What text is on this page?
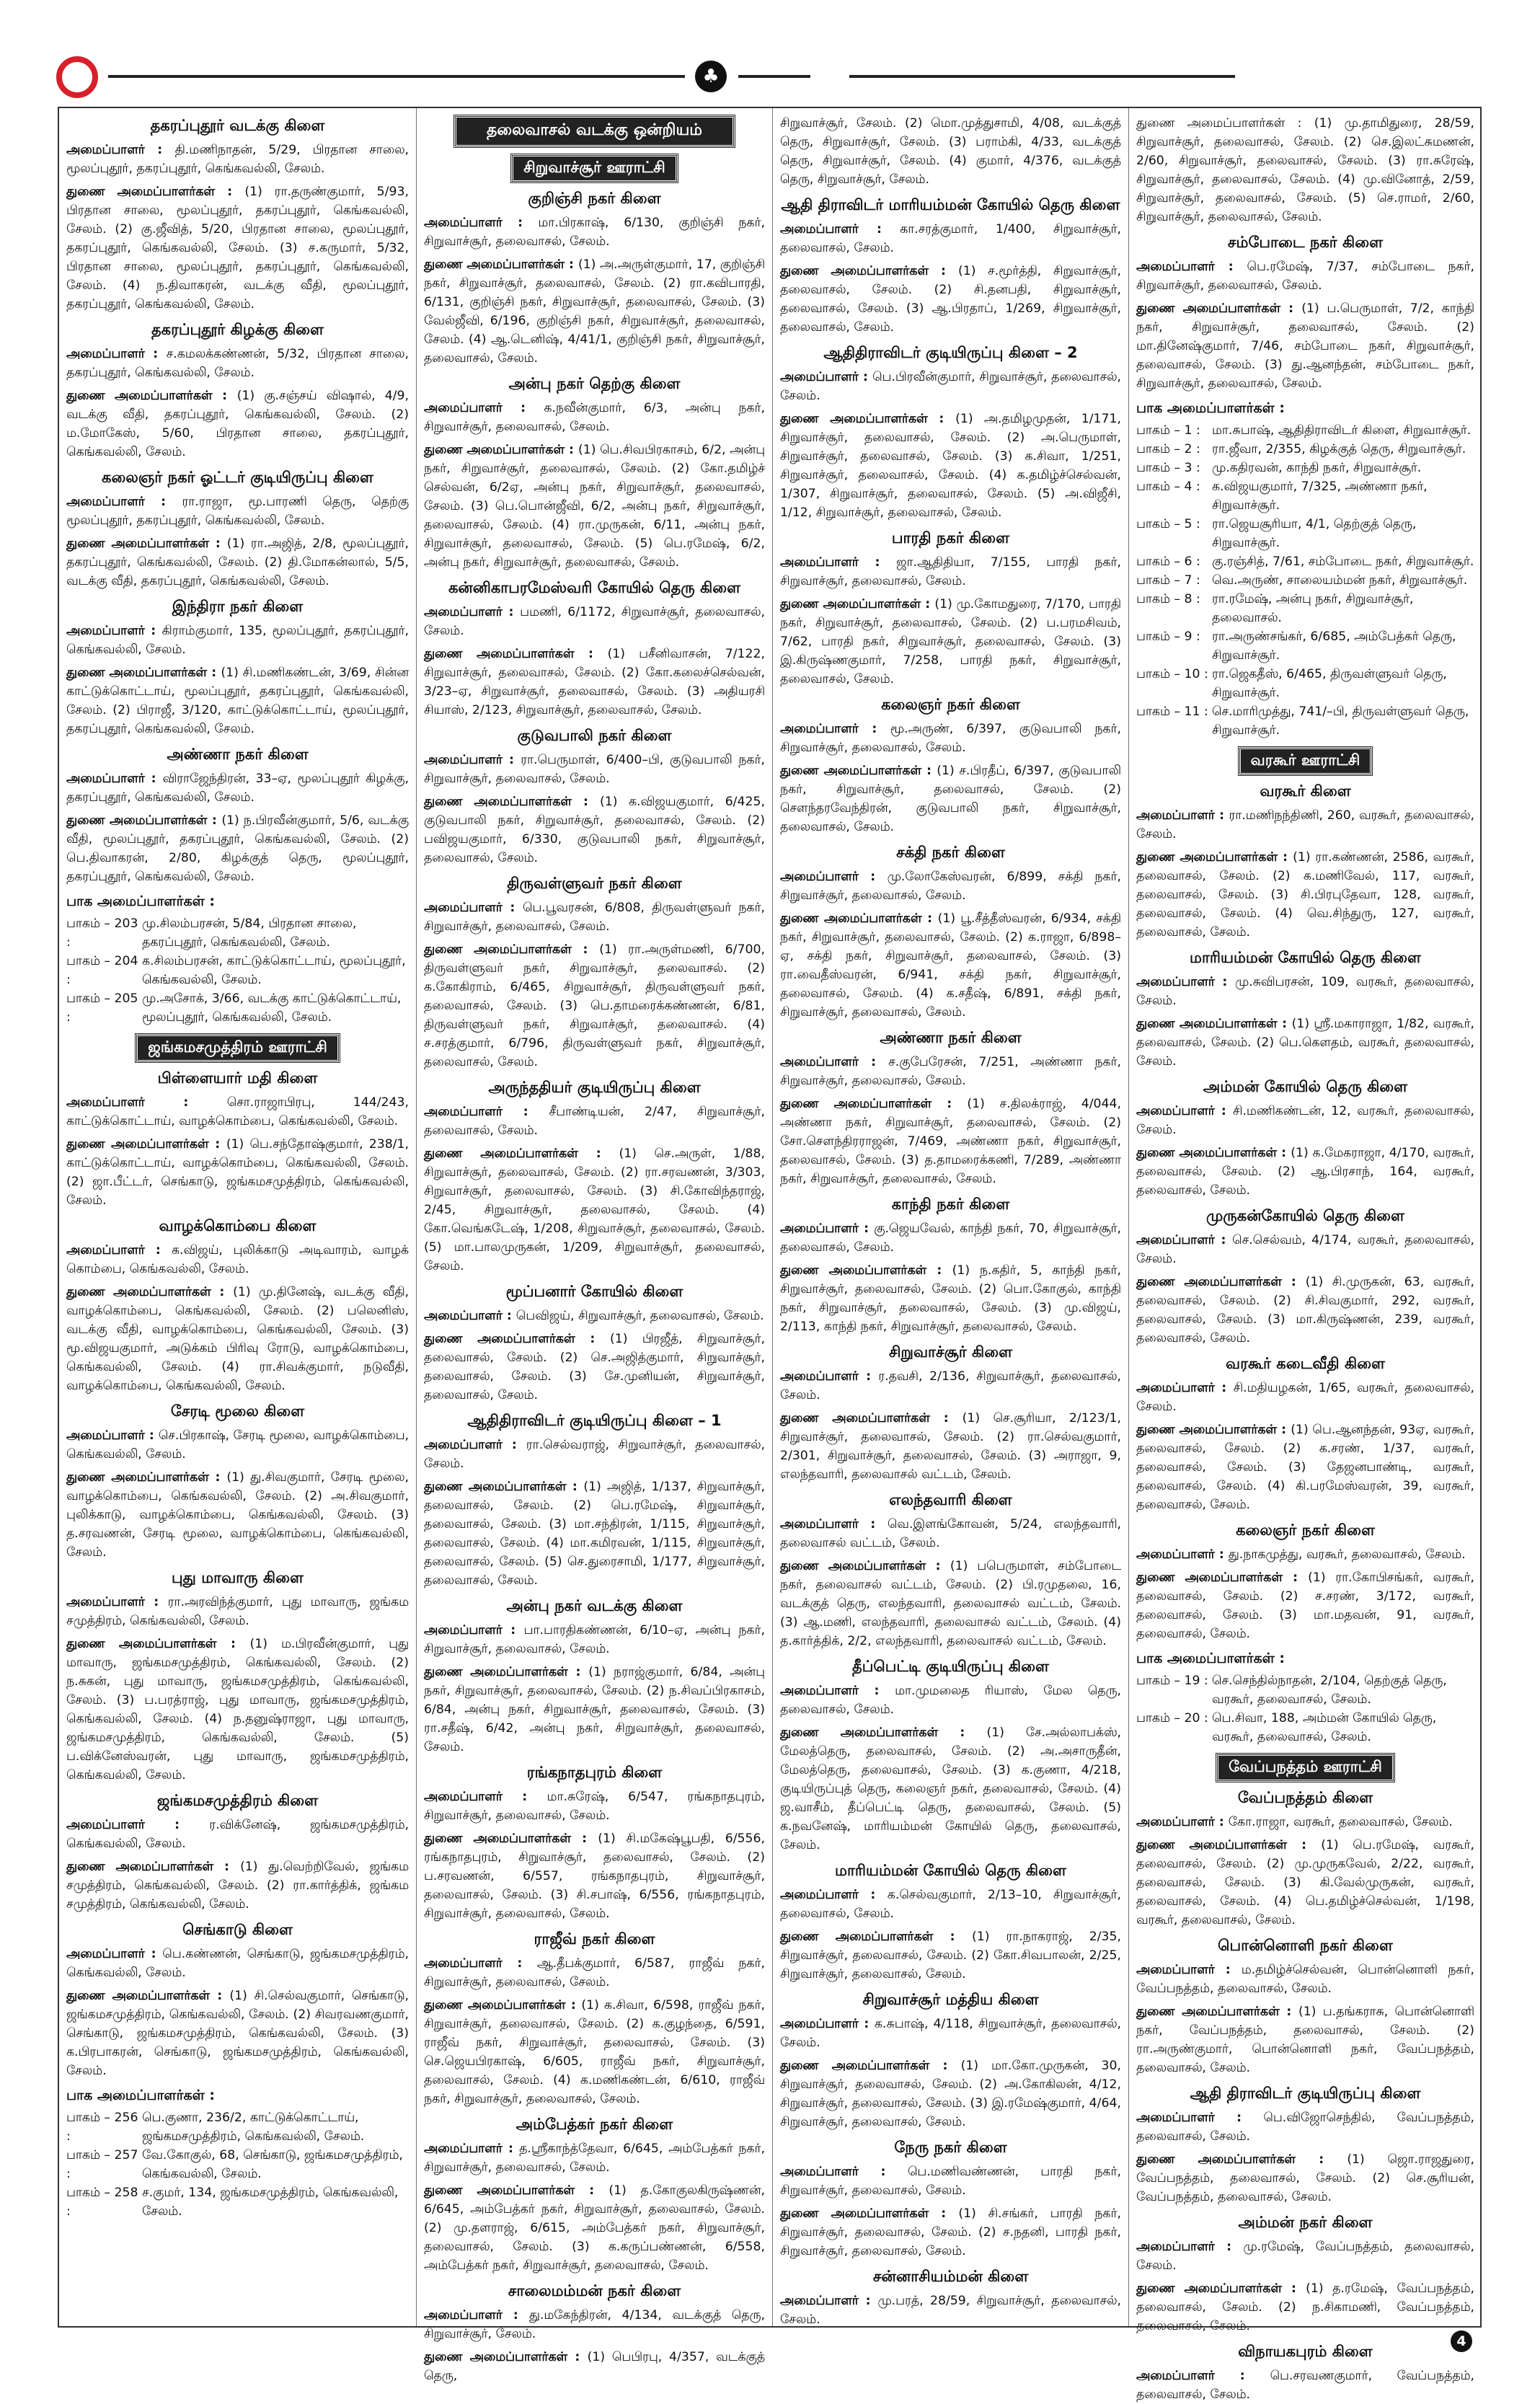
♣
தகரப்புதூர் வடக்கு கிளை

அமைப்பாளர் : தி.மணிநாதன், 5/29, பிரதான சாலை, மூலப்புதூர், தகரப்புதூர், கெங்கவல்லி, சேலம்.

துணை அமைப்பாளர்கள் : (1) ரா.தருண்குமார், 5/93, பிரதான சாலை, மூலப்புதூர், தகரப்புதூர், கெங்கவல்லி, சேலம். (2) கு.ஜீவித், 5/20, பிரதான சாலை, மூலப்புதூர், தகரப்புதூர், கெங்கவல்லி, சேலம். (3) ச.கருமார், 5/32, பிரதான சாலை, மூலப்புதூர், தகரப்புதூர், கெங்கவல்லி, சேலம். (4) ந.திவாகரன், வடக்கு வீதி, மூலப்புதூர், தகரப்புதூர், கெங்கவல்லி, சேலம்.

தகரப்புதூர் கிழக்கு கிளை

அமைப்பாளர் : ச.கமலக்கண்ணன், 5/32, பிரதான சாலை, தகரப்புதூர், கெங்கவல்லி, சேலம்.

துணை அமைப்பாளர்கள் : (1) கு.சஞ்சய் விஷால், 4/9, வடக்கு வீதி, தகரப்புதூர், கெங்கவல்லி, சேலம். (2) ம.மோகேஸ், 5/60, பிரதான சாலை, தகரப்புதூர், கெங்கவல்லி, சேலம்.

கலைஞர் நகர் ஓட்டர் குடியிருப்பு கிளை

அமைப்பாளர் : ரா.ராஜா, மூ.பாரணி தெரு, தெற்கு மூலப்புதூர், தகரப்புதூர், கெங்கவல்லி, சேலம்.

துணை அமைப்பாளர்கள் : (1) ரா.அஜித், 2/8, மூலப்புதூர், தகரப்புதூர், கெங்கவல்லி, சேலம். (2) தி.மோகன்லால், 5/5, வடக்கு வீதி, தகரப்புதூர், கெங்கவல்லி, சேலம்.

இந்திரா நகர் கிளை

அமைப்பாளர் : கிராம்குமார், 135, மூலப்புதூர், தகரப்புதூர், கெங்கவல்லி, சேலம்.

துணை அமைப்பாளர்கள் : (1) சி.மணிகண்டன், 3/69, சின்ன காட்டுக்கொட்டாய், மூலப்புதூர், தகரப்புதூர், கெங்கவல்லி, சேலம். (2) பிராஜீ, 3/120, காட்டுக்கொட்டாய், மூலப்புதூர், தகரப்புதூர், கெங்கவல்லி, சேலம்.

அண்ணா நகர் கிளை

அமைப்பாளர் : விராஜேந்திரன், 33–ஏ, மூலப்புதூர் கிழக்கு, தகரப்புதூர், கெங்கவல்லி, சேலம்.

துணை அமைப்பாளர்கள் : (1) ந.பிரவீன்குமார், 5/6, வடக்கு வீதி, மூலப்புதூர், தகரப்புதூர், கெங்கவல்லி, சேலம். (2) பெ.திவாகரன், 2/80, கிழக்குத் தெரு, மூலப்புதூர், தகரப்புதூர், கெங்கவல்லி, சேலம்.

பாக அமைப்பாளர்கள் :
பாகம் – 203 :
மு.சிலம்பரசன், 5/84, பிரதான சாலை, தகரப்புதூர், கெங்கவல்லி, சேலம்.
பாகம் – 204 :
க.சிலம்பரசன், காட்டுக்கொட்டாய், மூலப்புதூர், கெங்கவல்லி, சேலம்.
பாகம் – 205 :
மு.அசோக், 3/66, வடக்கு காட்டுக்கொட்டாய், மூலப்புதூர், கெங்கவல்லி, சேலம்.
ஜங்கமசமுத்திரம் ஊராட்சி
பிள்ளையார் மதி கிளை

அமைப்பாளர் : சொ.ராஜாபிரபு, 144/243, காட்டுக்கொட்டாய், வாழக்கொம்பை, கெங்கவல்லி, சேலம்.

துணை அமைப்பாளர்கள் : (1) பெ.சந்தோஷ்குமார், 238/1, காட்டுக்கொட்டாய், வாழக்கொம்பை, கெங்கவல்லி, சேலம். (2) ஜா.பீட்டர், செங்காடு, ஜங்கமசமுத்திரம், கெங்கவல்லி, சேலம்.

வாழக்கொம்பை கிளை

அமைப்பாளர் : க.விஜய், புலிக்காடு அடிவாரம், வாழக் கொம்பை, கெங்கவல்லி, சேலம்.

துணை அமைப்பாளர்கள் : (1) மு.தினேஷ், வடக்கு வீதி, வாழக்கொம்பை, கெங்கவல்லி, சேலம். (2) பலெனிஸ், வடக்கு வீதி, வாழக்கொம்பை, கெங்கவல்லி, சேலம். (3) மூ.விஜயகுமார், அடுக்கம் பிரிவு ரோடு, வாழக்கொம்பை, கெங்கவல்லி, சேலம். (4) ரா.சிவக்குமார், நடுவீதி, வாழக்கொம்பை, கெங்கவல்லி, சேலம்.

சேரடி மூலை கிளை

அமைப்பாளர் : செ.பிரகாஷ், சேரடி மூலை, வாழக்கொம்பை, கெங்கவல்லி, சேலம்.

துணை அமைப்பாளர்கள் : (1) து.சிவகுமார், சேரடி மூலை, வாழக்கொம்பை, கெங்கவல்லி, சேலம். (2) அ.சிவகுமார், புலிக்காடு, வாழக்கொம்பை, கெங்கவல்லி, சேலம். (3) த.சரவணன், சேரடி மூலை, வாழக்கொம்பை, கெங்கவல்லி, சேலம்.

புது மாவாரு கிளை

அமைப்பாளர் : ரா.அரவிந்த்குமார், புது மாவாரு, ஜங்கம சமுத்திரம், கெங்கவல்லி, சேலம்.

துணை அமைப்பாளர்கள் : (1) ம.பிரவீன்குமார், புது மாவாரு, ஜங்கமசமுத்திரம், கெங்கவல்லி, சேலம். (2) ந.சுகன், புது மாவாரு, ஜங்கமசமுத்திரம், கெங்கவல்லி, சேலம். (3) ப.பரத்ராஜ், புது மாவாரு, ஜங்கமசமுத்திரம், கெங்கவல்லி, சேலம். (4) ந.தனுஷ்ராஜா, புது மாவாரு, ஜங்கமசமுத்திரம், கெங்கவல்லி, சேலம். (5) ப.விக்னேஸ்வரன், புது மாவாரு, ஜங்கமசமுத்திரம், கெங்கவல்லி, சேலம்.

ஜங்கமசமுத்திரம் கிளை

அமைப்பாளர் : ர.விக்னேஷ், ஜங்கமசமுத்திரம், கெங்கவல்லி, சேலம்.

துணை அமைப்பாளர்கள் : (1) து.வெற்றிவேல், ஜங்கம சமுத்திரம், கெங்கவல்லி, சேலம். (2) ரா.கார்த்திக், ஜங்கம சமுத்திரம், கெங்கவல்லி, சேலம்.

செங்காடு கிளை

அமைப்பாளர் : பெ.கண்ணன், செங்காடு, ஜங்கமசமுத்திரம், கெங்கவல்லி, சேலம்.

துணை அமைப்பாளர்கள் : (1) சி.செல்வகுமார், செங்காடு, ஜங்கமசமுத்திரம், கெங்கவல்லி, சேலம். (2) சிவரவணகுமார், செங்காடு, ஜங்கமசமுத்திரம், கெங்கவல்லி, சேலம். (3) க.பிரபாகரன், செங்காடு, ஜங்கமசமுத்திரம், கெங்கவல்லி, சேலம்.

பாக அமைப்பாளர்கள் :
பாகம் – 256 :
பெ.குணா, 236/2, காட்டுக்கொட்டாய், ஜங்கமசமுத்திரம், கெங்கவல்லி, சேலம்.
பாகம் – 257 :
வே.கோகுல், 68, செங்காடு, ஜங்கமசமுத்திரம், கெங்கவல்லி, சேலம்.
பாகம் – 258 :
ச.குமர், 134, ஜங்கமசமுத்திரம், கெங்கவல்லி, சேலம்.
தலைவாசல் வடக்கு ஒன்றியம்
சிறுவாச்சூர் ஊராட்சி
குறிஞ்சி நகர் கிளை

அமைப்பாளர் : மா.பிரகாஷ், 6/130, குறிஞ்சி நகர், சிறுவாச்சூர், தலைவாசல், சேலம்.

துணை அமைப்பாளர்கள் : (1) அ.அருள்குமார், 17, குறிஞ்சி நகர், சிறுவாச்சூர், தலைவாசல், சேலம். (2) ரா.கவிபாரதி, 6/131, குறிஞ்சி நகர், சிறுவாச்சூர், தலைவாசல், சேலம். (3) வேல்ஜீவி, 6/196, குறிஞ்சி நகர், சிறுவாச்சூர், தலைவாசல், சேலம். (4) ஆ.டெனிஷ், 4/41/1, குறிஞ்சி நகர், சிறுவாச்சூர், தலைவாசல், சேலம்.

அன்பு நகர் தெற்கு கிளை

அமைப்பாளர் : க.நவீன்குமார், 6/3, அன்பு நகர், சிறுவாச்சூர், தலைவாசல், சேலம்.

துணை அமைப்பாளர்கள் : (1) பெ.சிவபிரகாசம், 6/2, அன்பு நகர், சிறுவாச்சூர், தலைவாசல், சேலம். (2) கோ.தமிழ்ச் செல்வன், 6/2ஏ, அன்பு நகர், சிறுவாச்சூர், தலைவாசல், சேலம். (3) பெ.பொன்ஜீவி, 6/2, அன்பு நகர், சிறுவாச்சூர், தலைவாசல், சேலம். (4) ரா.முருகன், 6/11, அன்பு நகர், சிறுவாச்சூர், தலைவாசல், சேலம். (5) பெ.ரமேஷ், 6/2, அன்பு நகர், சிறுவாச்சூர், தலைவாசல், சேலம்.

கன்னிகாபரமேஸ்வரி கோயில் தெரு கிளை

அமைப்பாளர் : பமணி, 6/1172, சிறுவாச்சூர், தலைவாசல், சேலம்.

துணை அமைப்பாளர்கள் : (1) பசீனிவாசன், 7/122, சிறுவாச்சூர், தலைவாசல், சேலம். (2) கோ.கலைச்செல்வன், 3/23–ஏ, சிறுவாச்சூர், தலைவாசல், சேலம். (3) அதியரசி சியாஸ், 2/123, சிறுவாச்சூர், தலைவாசல், சேலம்.

குடுவபாலி நகர் கிளை

அமைப்பாளர் : ரா.பெருமாள், 6/400–பி, குடுவபாலி நகர், சிறுவாச்சூர், தலைவாசல், சேலம்.

துணை அமைப்பாளர்கள் : (1) க.விஜயகுமார், 6/425, குடுவபாலி நகர், சிறுவாச்சூர், தலைவாசல், சேலம். (2) பவிஜயகுமார், 6/330, குடுவபாலி நகர், சிறுவாச்சூர், தலைவாசல், சேலம்.

திருவள்ளுவர் நகர் கிளை

அமைப்பாளர் : பெ.பூவரசன், 6/808, திருவள்ளுவர் நகர், சிறுவாச்சூர், தலைவாசல், சேலம்.

துணை அமைப்பாளர்கள் : (1) ரா.அருள்மணி, 6/700, திருவள்ளுவர் நகர், சிறுவாச்சூர், தலைவாசல். (2) க.கோகிராம், 6/465, சிறுவாச்சூர், திருவள்ளுவர் நகர், தலைவாசல், சேலம். (3) பெ.தாமரைக்கண்ணன், 6/81, திருவள்ளுவர் நகர், சிறுவாச்சூர், தலைவாசல். (4) ச.சரத்குமார், 6/796, திருவள்ளுவர் நகர், சிறுவாச்சூர், தலைவாசல், சேலம்.

அருந்ததியர் குடியிருப்பு கிளை

அமைப்பாளர் : சீபாண்டியன், 2/47, சிறுவாச்சூர், தலைவாசல், சேலம்.

துணை அமைப்பாளர்கள் : (1) செ.அருள், 1/88, சிறுவாச்சூர், தலைவாசல், சேலம். (2) ரா.சரவணன், 3/303, சிறுவாச்சூர், தலைவாசல், சேலம். (3) சி.கோவிந்தராஜ், 2/45, சிறுவாச்சூர், தலைவாசல், சேலம். (4) கோ.வெங்கடேஷ், 1/208, சிறுவாச்சூர், தலைவாசல், சேலம். (5) மா.பாலமுருகன், 1/209, சிறுவாச்சூர், தலைவாசல், சேலம்.

மூப்பனார் கோயில் கிளை

அமைப்பாளர் : பெவிஜய், சிறுவாச்சூர், தலைவாசல், சேலம்.

துணை அமைப்பாளர்கள் : (1) பிரஜீத், சிறுவாச்சூர், தலைவாசல், சேலம். (2) செ.அஜித்குமார், சிறுவாச்சூர், தலைவாசல், சேலம். (3) சே.முனியன், சிறுவாச்சூர், தலைவாசல், சேலம்.

ஆதிதிராவிடர் குடியிருப்பு கிளை – 1

அமைப்பாளர் : ரா.செல்வராஜ், சிறுவாச்சூர், தலைவாசல், சேலம்.

துணை அமைப்பாளர்கள் : (1) அஜித், 1/137, சிறுவாச்சூர், தலைவாசல், சேலம். (2) பெ.ரமேஷ், சிறுவாச்சூர், தலைவாசல், சேலம். (3) மா.சந்திரன், 1/115, சிறுவாச்சூர், தலைவாசல், சேலம். (4) மா.கமிரவன், 1/115, சிறுவாச்சூர், தலைவாசல், சேலம். (5) செ.துரைசாமி, 1/177, சிறுவாச்சூர், தலைவாசல், சேலம்.

அன்பு நகர் வடக்கு கிளை

அமைப்பாளர் : பா.பாரதிகண்ணன், 6/10–ஏ, அன்பு நகர், சிறுவாச்சூர், தலைவாசல், சேலம்.

துணை அமைப்பாளர்கள் : (1) நராஜ்குமார், 6/84, அன்பு நகர், சிறுவாச்சூர், தலைவாசல், சேலம். (2) ந.சிவப்பிரகாசம், 6/84, அன்பு நகர், சிறுவாச்சூர், தலைவாசல், சேலம். (3) ரா.சதீஷ், 6/42, அன்பு நகர், சிறுவாச்சூர், தலைவாசல், சேலம்.

ரங்கநாதபுரம் கிளை

அமைப்பாளர் : மா.சுரேஷ், 6/547, ரங்கநாதபுரம், சிறுவாச்சூர், தலைவாசல், சேலம்.

துணை அமைப்பாளர்கள் : (1) சி.மகேஷ்பூபதி, 6/556, ரங்கநாதபுரம், சிறுவாச்சூர், தலைவாசல், சேலம். (2) ப.சரவணன், 6/557, ரங்கநாதபுரம், சிறுவாச்சூர், தலைவாசல், சேலம். (3) சி.சபாஷ், 6/556, ரங்கநாதபுரம், சிறுவாச்சூர், தலைவாசல், சேலம்.

ராஜீவ் நகர் கிளை

அமைப்பாளர் : ஆ.தீபக்குமார், 6/587, ராஜீவ் நகர், சிறுவாச்சூர், தலைவாசல், சேலம்.

துணை அமைப்பாளர்கள் : (1) க.சிவா, 6/598, ராஜீவ் நகர், சிறுவாச்சூர், தலைவாசல், சேலம். (2) க.குழந்தை, 6/591, ராஜீவ் நகர், சிறுவாச்சூர், தலைவாசல், சேலம். (3) செ.ஜெயபிரகாஷ், 6/605, ராஜீவ் நகர், சிறுவாச்சூர், தலைவாசல், சேலம். (4) க.மணிகண்டன், 6/610, ராஜீவ் நகர், சிறுவாச்சூர், தலைவாசல், சேலம்.

அம்பேத்கர் நகர் கிளை

அமைப்பாளர் : த.ஸ்ரீகாந்த்தேவா, 6/645, அம்பேத்கர் நகர், சிறுவாச்சூர், தலைவாசல், சேலம்.

துணை அமைப்பாளர்கள் : (1) த.கோகுலகிருஷ்ணன், 6/645, அம்பேத்கர் நகர், சிறுவாச்சூர், தலைவாசல், சேலம். (2) மு.தளராஜ், 6/615, அம்பேத்கர் நகர், சிறுவாச்சூர், தலைவாசல், சேலம். (3) க.கருப்பண்ணன், 6/558, அம்பேத்கர் நகர், சிறுவாச்சூர், தலைவாசல், சேலம்.

சாலைமம்மன் நகர் கிளை

அமைப்பாளர் : து.மகேந்திரன், 4/134, வடக்குத் தெரு, சிறுவாச்சூர், சேலம்.

துணை அமைப்பாளர்கள் : (1) பெபிரபு, 4/357, வடக்குத் தெரு,

சிறுவாச்சூர், சேலம். (2) மொ.முத்துசாமி, 4/08, வடக்குத் தெரு, சிறுவாச்சூர், சேலம். (3) பராம்கி, 4/33, வடக்குத் தெரு, சிறுவாச்சூர், சேலம். (4) குமார், 4/376, வடக்குத் தெரு, சிறுவாச்சூர், சேலம்.

ஆதி திராவிடர் மாரியம்மன் கோயில் தெரு கிளை

அமைப்பாளர் : கா.சரத்குமார், 1/400, சிறுவாச்சூர், தலைவாசல், சேலம்.

துணை அமைப்பாளர்கள் : (1) ச.மூர்த்தி, சிறுவாச்சூர், தலைவாசல், சேலம். (2) சி.தனபதி, சிறுவாச்சூர், தலைவாசல், சேலம். (3) ஆ.பிரதாப், 1/269, சிறுவாச்சூர், தலைவாசல், சேலம்.

ஆதிதிராவிடர் குடியிருப்பு கிளை – 2

அமைப்பாளர் : பெ.பிரவீன்குமார், சிறுவாச்சூர், தலைவாசல், சேலம்.

துணை அமைப்பாளர்கள் : (1) அ.தமிழமுதன், 1/171, சிறுவாச்சூர், தலைவாசல், சேலம். (2) அ.பெருமாள், சிறுவாச்சூர், தலைவாசல், சேலம். (3) க.சிவா, 1/251, சிறுவாச்சூர், தலைவாசல், சேலம். (4) க.தமிழ்ச்செல்வன், 1/307, சிறுவாச்சூர், தலைவாசல், சேலம். (5) அ.விஜீசி, 1/12, சிறுவாச்சூர், தலைவாசல், சேலம்.

பாரதி நகர் கிளை

அமைப்பாளர் : ஜா.ஆதிதியா, 7/155, பாரதி நகர், சிறுவாச்சூர், தலைவாசல், சேலம்.

துணை அமைப்பாளர்கள் : (1) மு.கோமதுரை, 7/170, பாரதி நகர், சிறுவாச்சூர், தலைவாசல், சேலம். (2) ப.பரமசிவம், 7/62, பாரதி நகர், சிறுவாச்சூர், தலைவாசல், சேலம். (3) இ.கிருஷ்ணகுமார், 7/258, பாரதி நகர், சிறுவாச்சூர், தலைவாசல், சேலம்.

கலைஞர் நகர் கிளை

அமைப்பாளர் : மூ.அருண், 6/397, குடுவபாலி நகர், சிறுவாச்சூர், தலைவாசல், சேலம்.

துணை அமைப்பாளர்கள் : (1) ச.பிரதீப், 6/397, குடுவபாலி நகர், சிறுவாச்சூர், தலைவாசல், சேலம். (2) சௌந்தரவேந்திரன், குடுவபாலி நகர், சிறுவாச்சூர், தலைவாசல், சேலம்.

சக்தி நகர் கிளை

அமைப்பாளர் : மு.லோகேஸ்வரன், 6/899, சக்தி நகர், சிறுவாச்சூர், தலைவாசல், சேலம்.

துணை அமைப்பாளர்கள் : (1) பூ.சீத்தீஸ்வரன், 6/934, சக்தி நகர், சிறுவாச்சூர், தலைவாசல், சேலம். (2) க.ராஜா, 6/898–ஏ, சக்தி நகர், சிறுவாச்சூர், தலைவாசல், சேலம். (3) ரா.வைதீஸ்வரன், 6/941, சக்தி நகர், சிறுவாச்சூர், தலைவாசல், சேலம். (4) க.சதீஷ், 6/891, சக்தி நகர், சிறுவாச்சூர், தலைவாசல், சேலம்.

அண்ணா நகர் கிளை

அமைப்பாளர் : ச.குபேரேசன், 7/251, அண்ணா நகர், சிறுவாச்சூர், தலைவாசல், சேலம்.

துணை அமைப்பாளர்கள் : (1) ச.திலக்ராஜ், 4/044, அண்ணா நகர், சிறுவாச்சூர், தலைவாசல், சேலம். (2) சோ.சௌந்திரராஜன், 7/469, அண்ணா நகர், சிறுவாச்சூர், தலைவாசல், சேலம். (3) த.தாமரைக்கணி, 7/289, அண்ணா நகர், சிறுவாச்சூர், தலைவாசல், சேலம்.

காந்தி நகர் கிளை

அமைப்பாளர் : கு.ஜெயவேல், காந்தி நகர், 70, சிறுவாச்சூர், தலைவாசல், சேலம்.

துணை அமைப்பாளர்கள் : (1) ந.கதிர், 5, காந்தி நகர், சிறுவாச்சூர், தலைவாசல், சேலம். (2) பொ.கோகுல், காந்தி நகர், சிறுவாச்சூர், தலைவாசல், சேலம். (3) மு.விஜய், 2/113, காந்தி நகர், சிறுவாச்சூர், தலைவாசல், சேலம்.

சிறுவாச்சூர் கிளை

அமைப்பாளர் : ர.தவசி, 2/136, சிறுவாச்சூர், தலைவாசல், சேலம்.

துணை அமைப்பாளர்கள் : (1) செ.சூரியா, 2/123/1, சிறுவாச்சூர், தலைவாசல், சேலம். (2) ரா.செல்வகுமார், 2/301, சிறுவாச்சூர், தலைவாசல், சேலம். (3) அராஜா, 9, எலந்தவாரி, தலைவாசல் வட்டம், சேலம்.

எலந்தவாரி கிளை

அமைப்பாளர் : வெ.இளங்கோவன், 5/24, எலந்தவாரி, தலைவாசல் வட்டம், சேலம்.

துணை அமைப்பாளர்கள் : (1) பபெருமாள், சம்போடை நகர், தலைவாசல் வட்டம், சேலம். (2) பி.ரமுதலை, 16, வடக்குத் தெரு, எலந்தவாரி, தலைவாசல் வட்டம், சேலம். (3) ஆ.மணி, எலந்தவாரி, தலைவாசல் வட்டம், சேலம். (4) த.கார்த்திக், 2/2, எலந்தவாரி, தலைவாசல் வட்டம், சேலம்.

தீப்பெட்டி குடியிருப்பு கிளை

அமைப்பாளர் : மா.முமலைத ரியாஸ், மேல தெரு, தலைவாசல், சேலம்.

துணை அமைப்பாளர்கள் : (1) சே.அல்லாபக்ஸ், மேலத்தெரு, தலைவாசல், சேலம். (2) அ.அசாருதீன், மேலத்தெரு, தலைவாசல், சேலம். (3) க.குணா, 4/218, குடியிருப்புத் தெரு, கலைஞர் நகர், தலைவாசல், சேலம். (4) ஜ.வாசீம், தீப்பெட்டி தெரு, தலைவாசல், சேலம். (5) க.நவனேஷ், மாரியம்மன் கோயில் தெரு, தலைவாசல், சேலம்.

மாரியம்மன் கோயில் தெரு கிளை

அமைப்பாளர் : க.செல்வகுமார், 2/13–10, சிறுவாச்சூர், தலைவாசல், சேலம்.

துணை அமைப்பாளர்கள் : (1) ரா.நாகராஜ், 2/35, சிறுவாச்சூர், தலைவாசல், சேலம். (2) கோ.சிவபாலன், 2/25, சிறுவாச்சூர், தலைவாசல், சேலம்.

சிறுவாச்சூர் மத்திய கிளை

அமைப்பாளர் : க.சுபாஷ், 4/118, சிறுவாச்சூர், தலைவாசல், சேலம்.

துணை அமைப்பாளர்கள் : (1) மா.கோ.முருகன், 30, சிறுவாச்சூர், தலைவாசல், சேலம். (2) அ.கோகிலன், 4/12, சிறுவாச்சூர், தலைவாசல், சேலம். (3) இ.ரமேஷ்குமார், 4/64, சிறுவாச்சூர், தலைவாசல், சேலம்.

நேரு நகர் கிளை

அமைப்பாளர் : பெ.மணிவண்ணன், பாரதி நகர், சிறுவாச்சூர், தலைவாசல், சேலம்.

துணை அமைப்பாளர்கள் : (1) சி.சங்கர், பாரதி நகர், சிறுவாச்சூர், தலைவாசல், சேலம். (2) ச.நதனி, பாரதி நகர், சிறுவாச்சூர், தலைவாசல், சேலம்.

சன்னாசியம்மன் கிளை

அமைப்பாளர் : மு.பரத், 28/59, சிறுவாச்சூர், தலைவாசல், சேலம்.

துணை அமைப்பாளர்கள் : (1) மு.தாமிதுரை, 28/59, சிறுவாச்சூர், தலைவாசல், சேலம். (2) செ.இலட்சுமணன், 2/60, சிறுவாச்சூர், தலைவாசல், சேலம். (3) ரா.சுரேஷ், சிறுவாச்சூர், தலைவாசல், சேலம். (4) மு.வினோத், 2/59, சிறுவாச்சூர், தலைவாசல், சேலம். (5) செ.ராமர், 2/60, சிறுவாச்சூர், தலைவாசல், சேலம்.

சம்போடை நகர் கிளை

அமைப்பாளர் : பெ.ரமேஷ், 7/37, சம்போடை நகர், சிறுவாச்சூர், தலைவாசல், சேலம்.

துணை அமைப்பாளர்கள் : (1) ப.பெருமாள், 7/2, காந்தி நகர், சிறுவாச்சூர், தலைவாசல், சேலம். (2) மா.தினேஷ்குமார், 7/46, சம்போடை நகர், சிறுவாச்சூர், தலைவாசல், சேலம். (3) து.ஆனந்தன், சம்போடை நகர், சிறுவாச்சூர், தலைவாசல், சேலம்.

பாக அமைப்பாளர்கள் :
பாகம் – 1 : மா.சுபாஷ், ஆதிதிராவிடர் கிளை, சிறுவாச்சூர்.
பாகம் – 2 : ரா.ஜீவா, 2/355, கிழக்குத் தெரு, சிறுவாச்சூர்.
பாகம் – 3 : மு.கதிரவன், காந்தி நகர், சிறுவாச்சூர்.
பாகம் – 4 : க.விஜயகுமார், 7/325, அண்ணா நகர், சிறுவாச்சூர்.
பாகம் – 5 : ரா.ஜெயசூரியா, 4/1, தெற்குத் தெரு, சிறுவாச்சூர்.
பாகம் – 6 : கு.ரஞ்சித், 7/61, சம்போடை நகர், சிறுவாச்சூர்.
பாகம் – 7 : வெ.அருண், சாலையம்மன் நகர், சிறுவாச்சூர்.
பாகம் – 8 : ரா.ரமேஷ், அன்பு நகர், சிறுவாச்சூர், தலைவாசல்.
பாகம் – 9 : ரா.அருண்சங்கர், 6/685, அம்பேத்கர் தெரு, சிறுவாச்சூர்.
பாகம் – 10 : ரா.ஜெகதீஸ், 6/465, திருவள்ளுவர் தெரு, சிறுவாச்சூர்.
பாகம் – 11 : செ.மாரிமுத்து, 741/–பி, திருவள்ளுவர் தெரு, சிறுவாச்சூர்.
வரகூர் ஊராட்சி
வரகூர் கிளை

அமைப்பாளர் : ரா.மணிநந்திணி, 260, வரகூர், தலைவாசல், சேலம்.

துணை அமைப்பாளர்கள் : (1) ரா.கண்ணன், 2586, வரகூர், தலைவாசல், சேலம். (2) க.மணிவேல், 117, வரகூர், தலைவாசல், சேலம். (3) சி.பிரபுதேவா, 128, வரகூர், தலைவாசல், சேலம். (4) வெ.சிந்துரு, 127, வரகூர், தலைவாசல், சேலம்.

மாரியம்மன் கோயில் தெரு கிளை

அமைப்பாளர் : மு.சுவிபரசன், 109, வரகூர், தலைவாசல், சேலம்.

துணை அமைப்பாளர்கள் : (1) ஸ்ரீ.மகாராஜா, 1/82, வரகூர், தலைவாசல், சேலம். (2) பெ.கௌதம், வரகூர், தலைவாசல், சேலம்.

அம்மன் கோயில் தெரு கிளை

அமைப்பாளர் : சி.மணிகண்டன், 12, வரகூர், தலைவாசல், சேலம்.

துணை அமைப்பாளர்கள் : (1) க.மேகராஜா, 4/170, வரகூர், தலைவாசல், சேலம். (2) ஆ.பிரசாந், 164, வரகூர், தலைவாசல், சேலம்.

முருகன்கோயில் தெரு கிளை

அமைப்பாளர் : செ.செல்வம், 4/174, வரகூர், தலைவாசல், சேலம்.

துணை அமைப்பாளர்கள் : (1) சி.முருகன், 63, வரகூர், தலைவாசல், சேலம். (2) சி.சிவகுமார், 292, வரகூர், தலைவாசல், சேலம். (3) மா.கிருஷ்ணன், 239, வரகூர், தலைவாசல், சேலம்.

வரகூர் கடைவீதி கிளை

அமைப்பாளர் : சி.மதியழகன், 1/65, வரகூர், தலைவாசல், சேலம்.

துணை அமைப்பாளர்கள் : (1) பெ.ஆனந்தன், 93ஏ, வரகூர், தலைவாசல், சேலம். (2) க.சரண், 1/37, வரகூர், தலைவாசல், சேலம். (3) தேஜனபாண்டி, வரகூர், தலைவாசல், சேலம். (4) கி.பரமேஸ்வரன், 39, வரகூர், தலைவாசல், சேலம்.

கலைஞர் நகர் கிளை

அமைப்பாளர் : து.நாகமுத்து, வரகூர், தலைவாசல், சேலம்.

துணை அமைப்பாளர்கள் : (1) ரா.கோபிசங்கர், வரகூர், தலைவாசல், சேலம். (2) ச.சரண், 3/172, வரகூர், தலைவாசல், சேலம். (3) மா.மதவன், 91, வரகூர், தலைவாசல், சேலம்.

பாக அமைப்பாளர்கள் :
பாகம் – 19 : செ.செந்தில்நாதன், 2/104, தெற்குத் தெரு, வரகூர், தலைவாசல், சேலம்.
பாகம் – 20 : பெ.சிவா, 188, அம்மன் கோயில் தெரு, வரகூர், தலைவாசல், சேலம்.
வேப்பநத்தம் ஊராட்சி
வேப்பநத்தம் கிளை

அமைப்பாளர் : கோ.ராஜா, வரகூர், தலைவாசல், சேலம்.

துணை அமைப்பாளர்கள் : (1) பெ.ரமேஷ், வரகூர், தலைவாசல், சேலம். (2) மு.முருகவேல், 2/22, வரகூர், தலைவாசல், சேலம். (3) கி.வேல்முருகன், வரகூர், தலைவாசல், சேலம். (4) பெ.தமிழ்ச்செல்வன், 1/198, வரகூர், தலைவாசல், சேலம்.

பொன்னொளி நகர் கிளை

அமைப்பாளர் : ம.தமிழ்ச்செல்வன், பொன்னொளி நகர், வேப்பநத்தம், தலைவாசல், சேலம்.

துணை அமைப்பாளர்கள் : (1) ப.தங்கராசு, பொன்னொளி நகர், வேப்பநத்தம், தலைவாசல், சேலம். (2) ரா.அருண்குமார், பொன்னொளி நகர், வேப்பநத்தம், தலைவாசல், சேலம்.

ஆதி திராவிடர் குடியிருப்பு கிளை

அமைப்பாளர் : பெ.விஜோசெந்தில், வேப்பநத்தம், தலைவாசல், சேலம்.

துணை அமைப்பாளர்கள் : (1) ஜொ.ராஜதுரை, வேப்பநத்தம், தலைவாசல், சேலம். (2) செ.சூரியன், வேப்பநத்தம், தலைவாசல், சேலம்.

அம்மன் நகர் கிளை

அமைப்பாளர் : மு.ரமேஷ், வேப்பநத்தம், தலைவாசல், சேலம்.

துணை அமைப்பாளர்கள் : (1) த.ரமேஷ், வேப்பநத்தம், தலைவாசல், சேலம். (2) ந.சிகாமணி, வேப்பநத்தம், தலைவாசல், சேலம்.

விநாயகபுரம் கிளை

அமைப்பாளர் : பெ.சரவணகுமார், வேப்பநத்தம், தலைவாசல், சேலம்.

4
